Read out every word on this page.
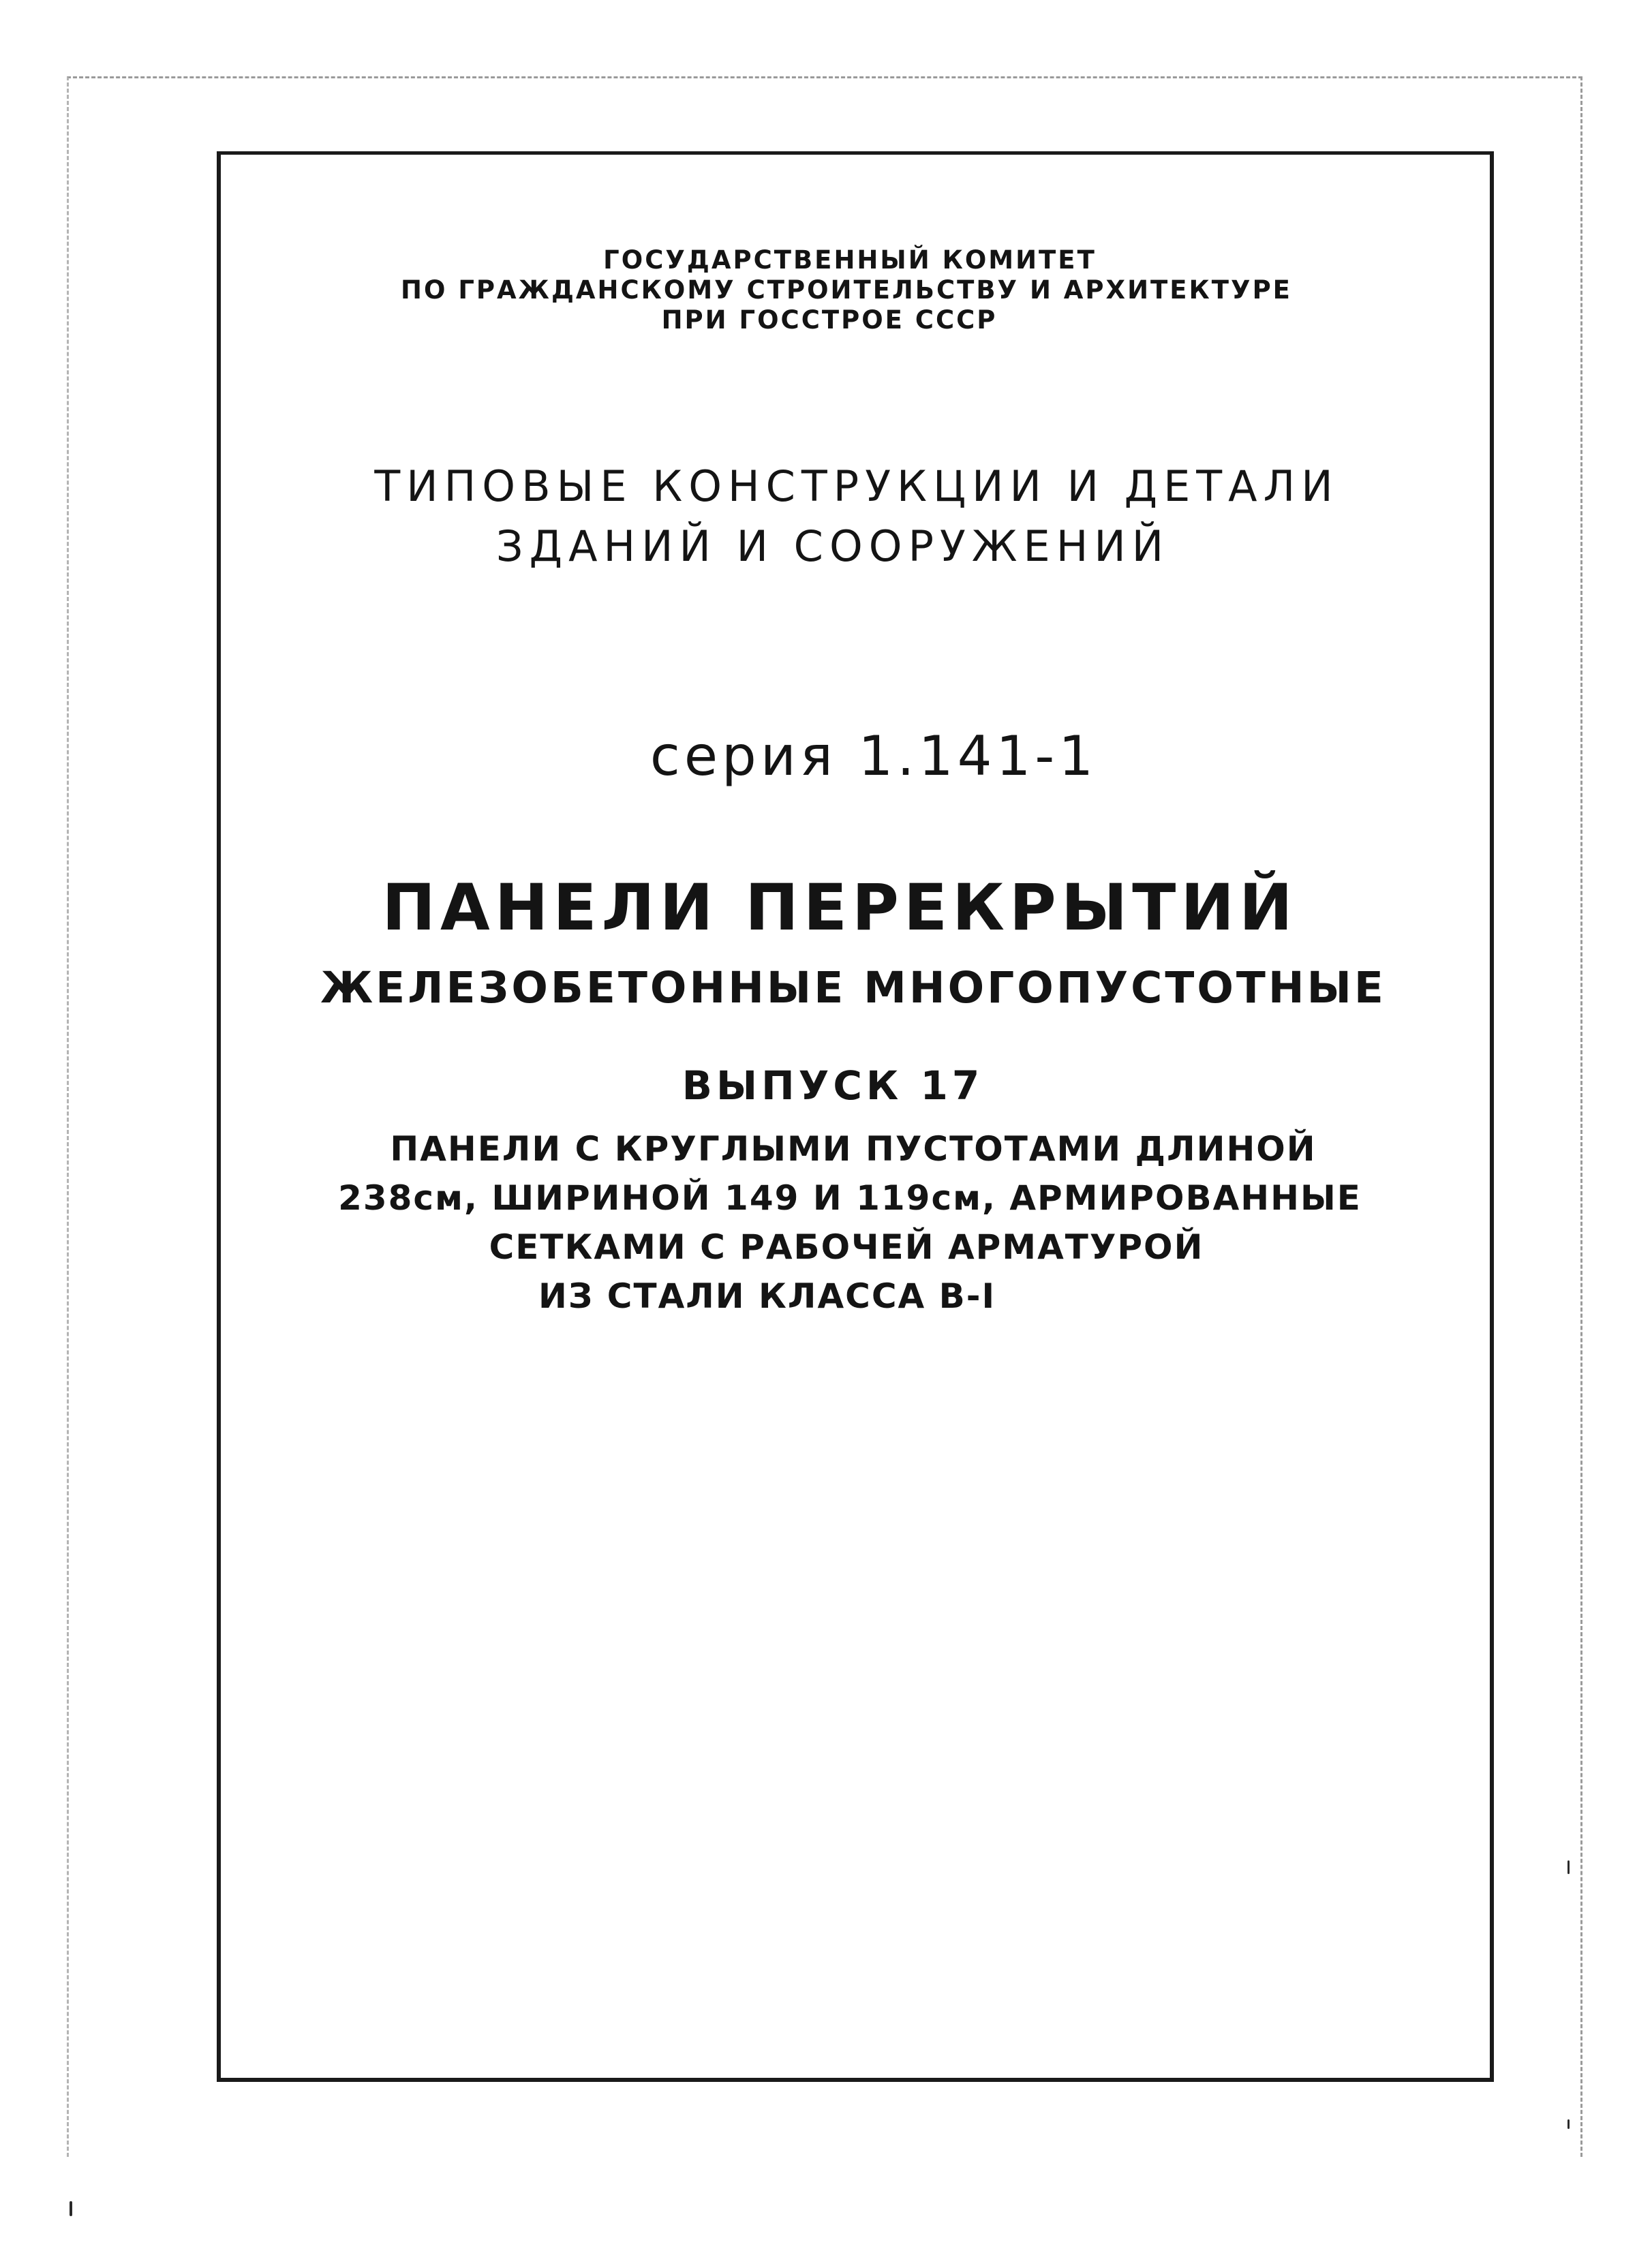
ГОСУДАРСТВЕННЫЙ КОМИТЕТ
ПО ГРАЖДАНСКОМУ СТРОИТЕЛЬСТВУ И АРХИТЕКТУРЕ
ПРИ ГОССТРОЕ СССР
ТИПОВЫЕ КОНСТРУКЦИИ И ДЕТАЛИ
ЗДАНИЙ И СООРУЖЕНИЙ
серия 1.141-1
ПАНЕЛИ ПЕРЕКРЫТИЙ
ЖЕЛЕЗОБЕТОННЫЕ МНОГОПУСТОТНЫЕ
ВЫПУСК 17
ПАНЕЛИ С КРУГЛЫМИ ПУСТОТАМИ ДЛИНОЙ
238см, ШИРИНОЙ 149 И 119см, АРМИРОВАННЫЕ
СЕТКАМИ С РАБОЧЕЙ АРМАТУРОЙ
ИЗ СТАЛИ КЛАССА В-I
